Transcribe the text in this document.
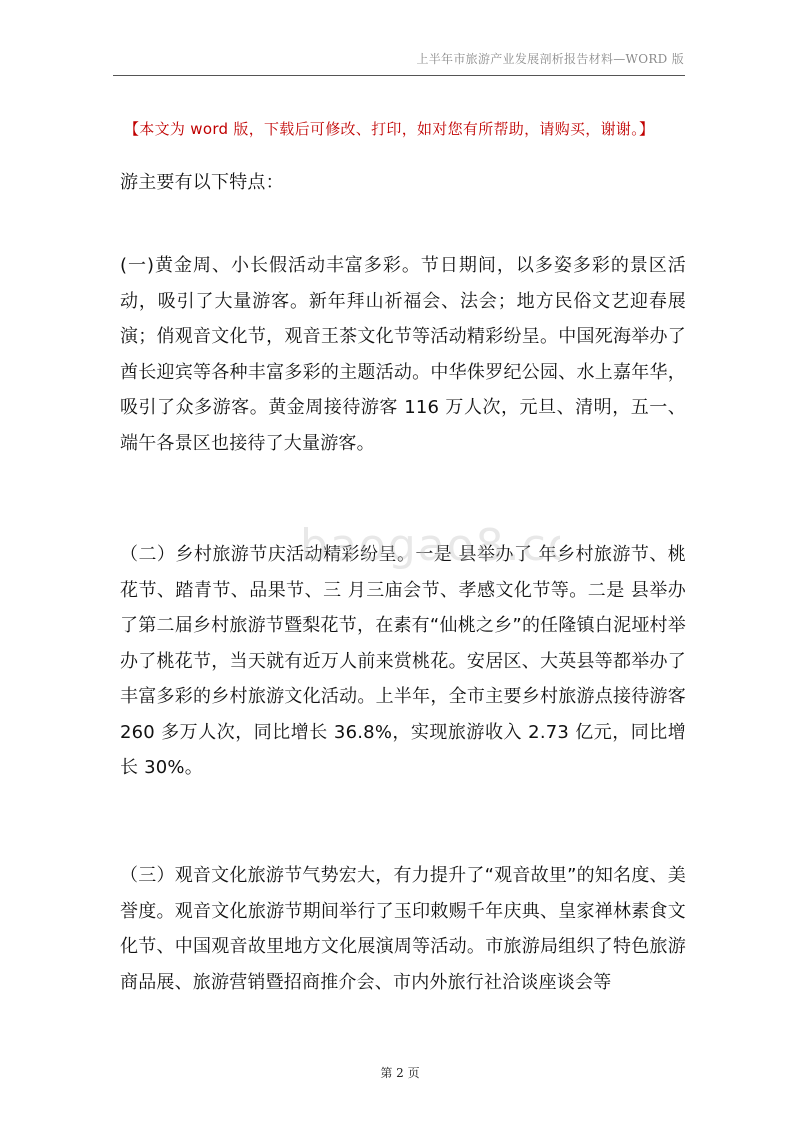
上半年市旅游产业发展剖析报告材料—WORD 版
【本文为 word 版，下载后可修改、打印，如对您有所帮助，请购买，谢谢。】

游主要有以下特点：

(一)黄金周、小长假活动丰富多彩。节日期间，以多姿多彩的景区活动，吸引了大量游客。新年拜山祈福会、法会；地方民俗文艺迎春展演；俏观音文化节，观音王茶文化节等活动精彩纷呈。中国死海举办了酋长迎宾等各种丰富多彩的主题活动。中华侏罗纪公园、水上嘉年华，吸引了众多游客。黄金周接待游客 116 万人次，元旦、清明，五一、端午各景区也接待了大量游客。

（二）乡村旅游节庆活动精彩纷呈。一是 县举办了 年乡村旅游节、桃花节、踏青节、品果节、三 月三庙会节、孝感文化节等。二是 县举办了第二届乡村旅游节暨梨花节，在素有“仙桃之乡”的任隆镇白泥垭村举办了桃花节，当天就有近万人前来赏桃花。安居区、大英县等都举办了丰富多彩的乡村旅游文化活动。上半年，全市主要乡村旅游点接待游客 260 多万人次，同比增长 36.8%，实现旅游收入 2.73 亿元，同比增长 30%。

（三）观音文化旅游节气势宏大，有力提升了“观音故里”的知名度、美誉度。观音文化旅游节期间举行了玉印敕赐千年庆典、皇家禅林素食文化节、中国观音故里地方文化展演周等活动。市旅游局组织了特色旅游商品展、旅游营销暨招商推介会、市内外旅行社洽谈座谈会等

baogao8.c
第 2 页
